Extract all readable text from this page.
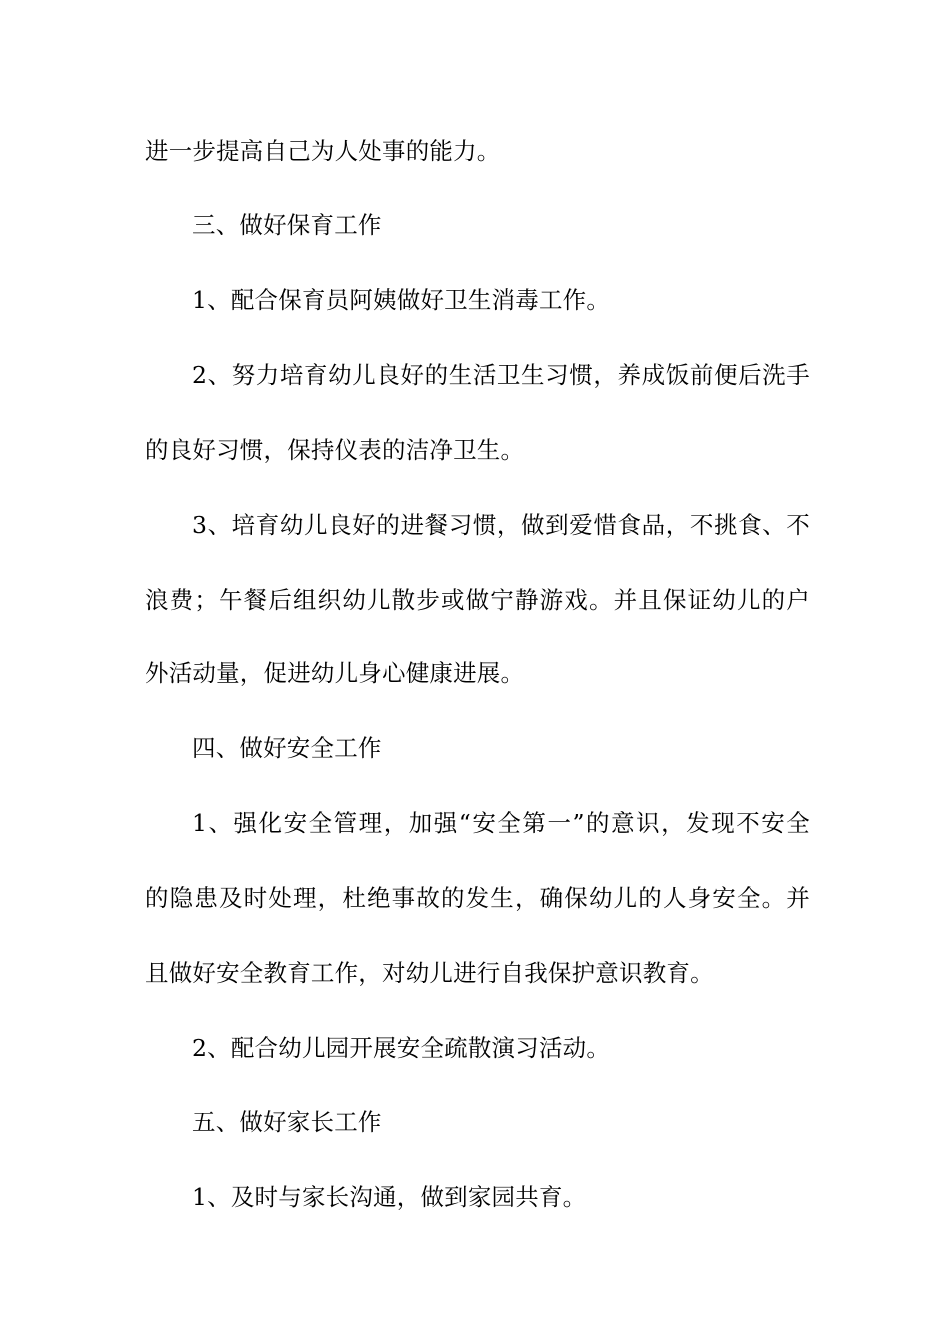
进一步提高自己为人处事的能力。
三、做好保育工作
1、配合保育员阿姨做好卫生消毒工作。
2、努力培育幼儿良好的生活卫生习惯，养成饭前便后洗手
的良好习惯，保持仪表的洁净卫生。
3、培育幼儿良好的进餐习惯，做到爱惜食品，不挑食、不
浪费；午餐后组织幼儿散步或做宁静游戏。并且保证幼儿的户
外活动量，促进幼儿身心健康进展。
四、做好安全工作
1、强化安全管理，加强“安全第一”的意识，发现不安全
的隐患及时处理，杜绝事故的发生，确保幼儿的人身安全。并
且做好安全教育工作，对幼儿进行自我保护意识教育。
2、配合幼儿园开展安全疏散演习活动。
五、做好家长工作
1、及时与家长沟通，做到家园共育。
